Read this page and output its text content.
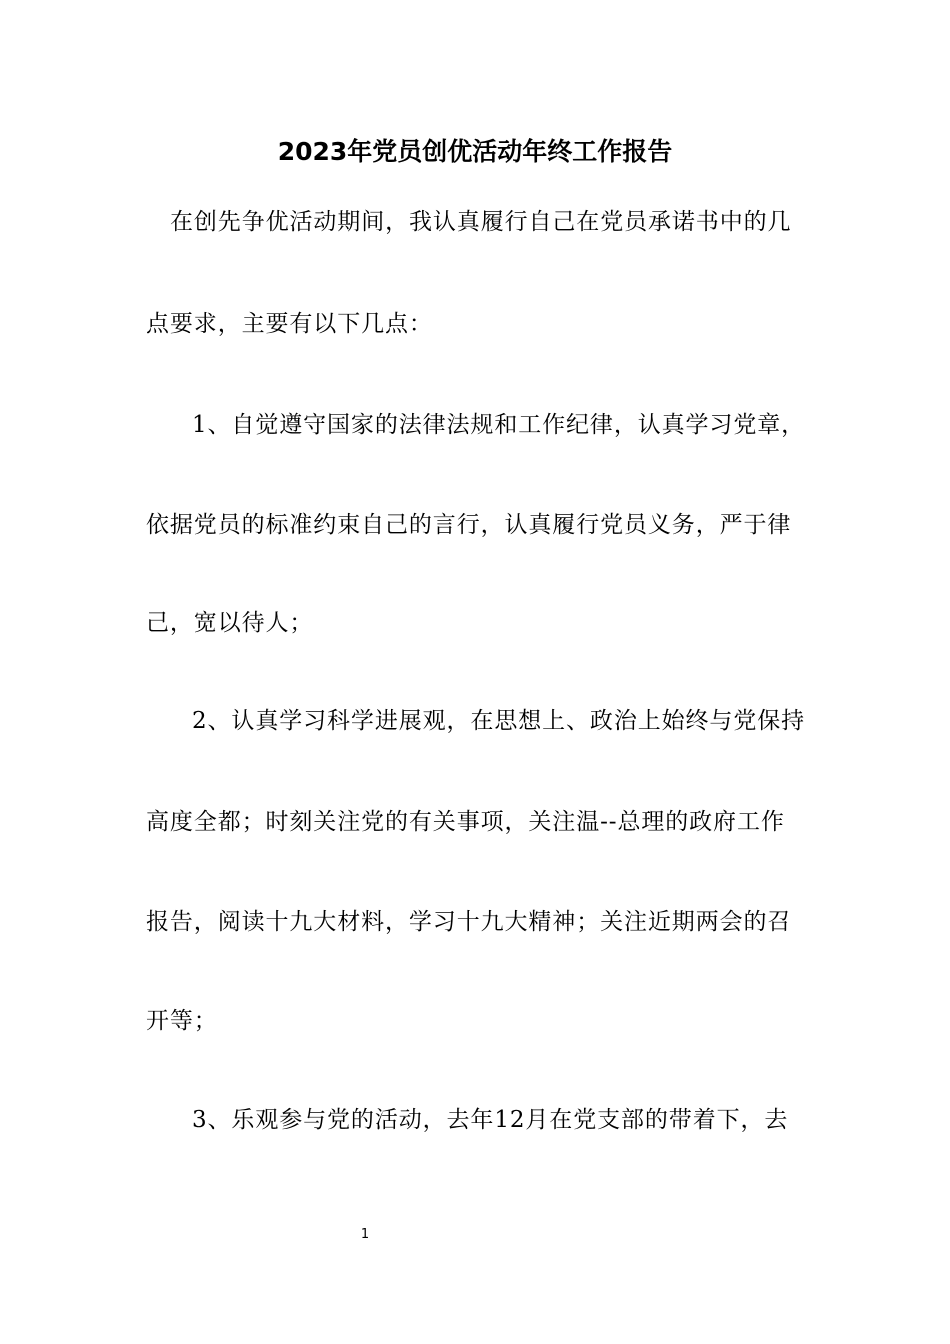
2023年党员创优活动年终工作报告
在创先争优活动期间，我认真履行自己在党员承诺书中的几
点要求，主要有以下几点：
1、自觉遵守国家的法律法规和工作纪律，认真学习党章，
依据党员的标准约束自己的言行，认真履行党员义务，严于律
己，宽以待人；
2、认真学习科学进展观，在思想上、政治上始终与党保持
高度全都；时刻关注党的有关事项，关注温--总理的政府工作
报告，阅读十九大材料，学习十九大精神；关注近期两会的召
开等；
3、乐观参与党的活动，去年12月在党支部的带着下，去
1
